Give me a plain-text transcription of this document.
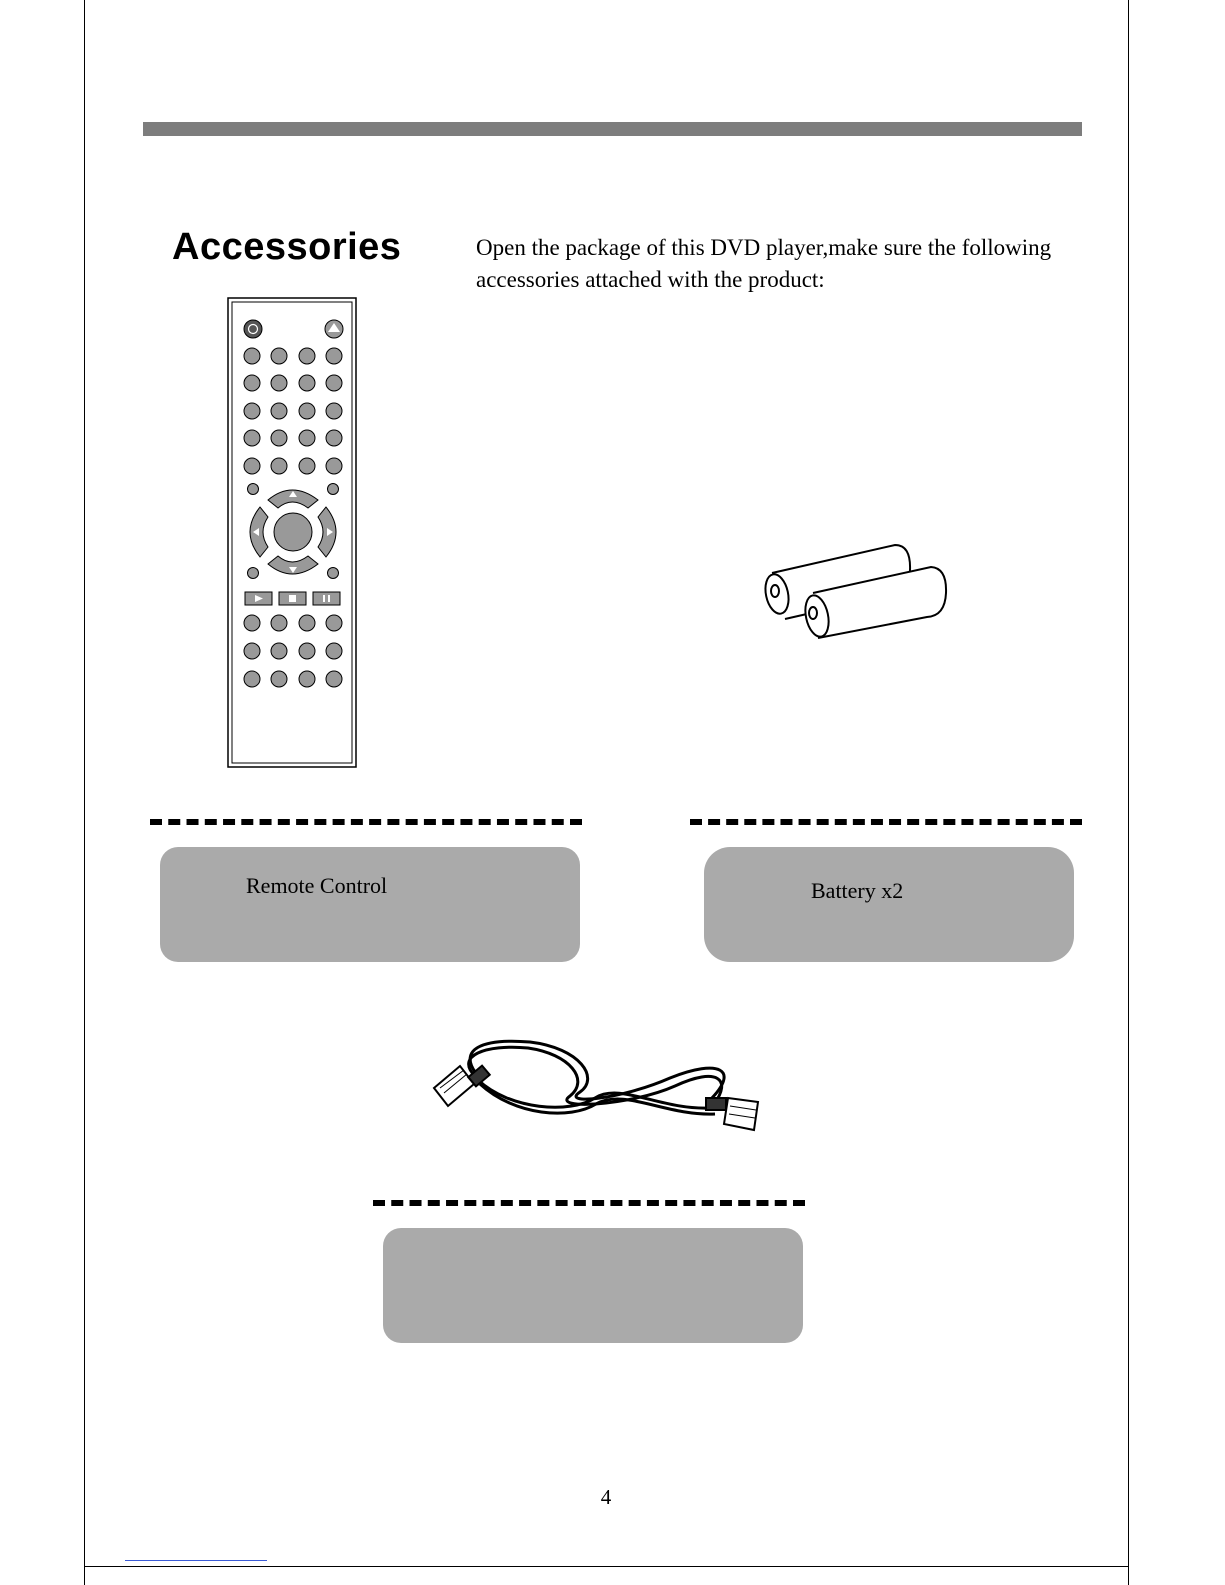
Accessories	Open the package of this DVD player,make sure the following accessories attached with the product:

Remote Control	Battery x2
4
